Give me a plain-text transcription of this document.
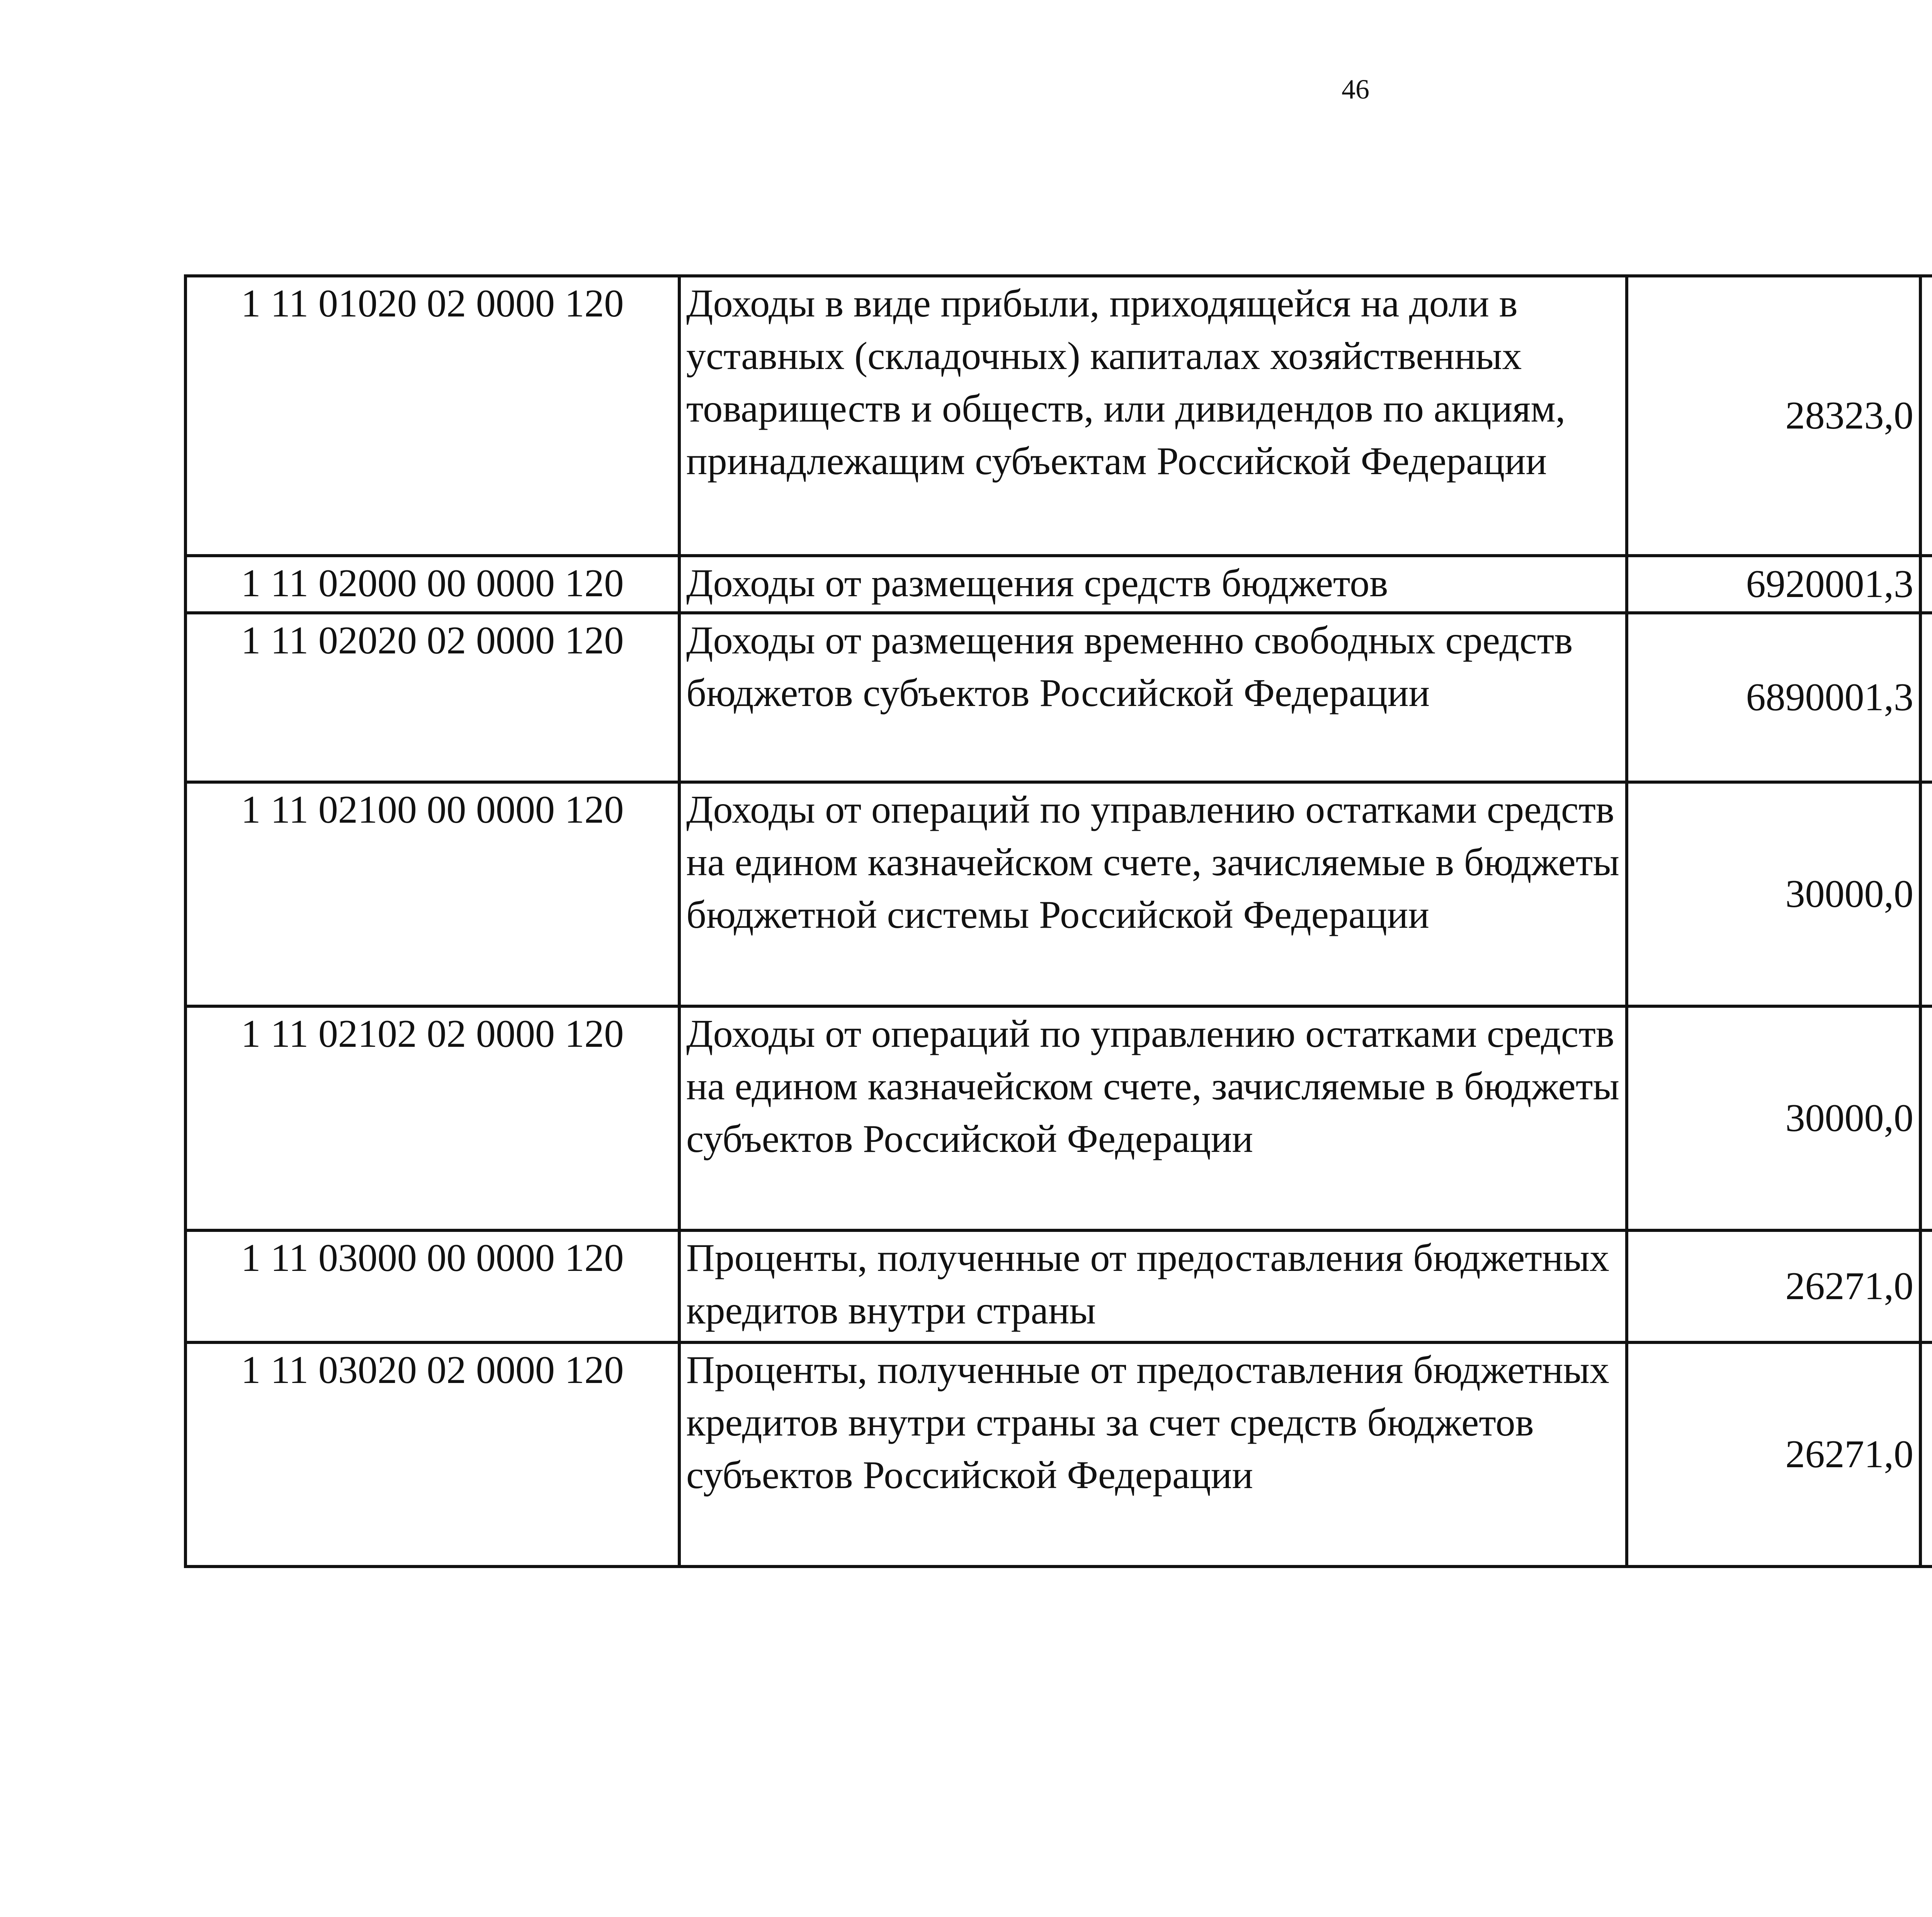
46
1 11 01020 02 0000 120	Доходы в виде прибыли, приходящейся на доли в уставных (складочных) капиталах хозяйственных товариществ и обществ, или дивидендов по акциям, принадлежащим субъектам Российской Федерации	28323,0		
1 11 02000 00 0000 120	Доходы от размещения средств бюджетов	6920001,3		
1 11 02020 02 0000 120	Доходы от размещения временно свободных средств бюджетов субъектов Российской Федерации	6890001,3		
1 11 02100 00 0000 120	Доходы от операций по управлению остатками средств на едином казначейском счете, зачисляемые в бюджеты бюджетной системы Российской Федерации	30000,0		
1 11 02102 02 0000 120	Доходы от операций по управлению остатками средств на едином казначейском счете, зачисляемые в бюджеты субъектов Российской Федерации	30000,0		
1 11 03000 00 0000 120	Проценты, полученные от предоставления бюджетных кредитов внутри страны	26271,0		
1 11 03020 02 0000 120	Проценты, полученные от предоставления бюджетных кредитов внутри страны за счет средств бюджетов субъектов Российской Федерации	26271,0		
